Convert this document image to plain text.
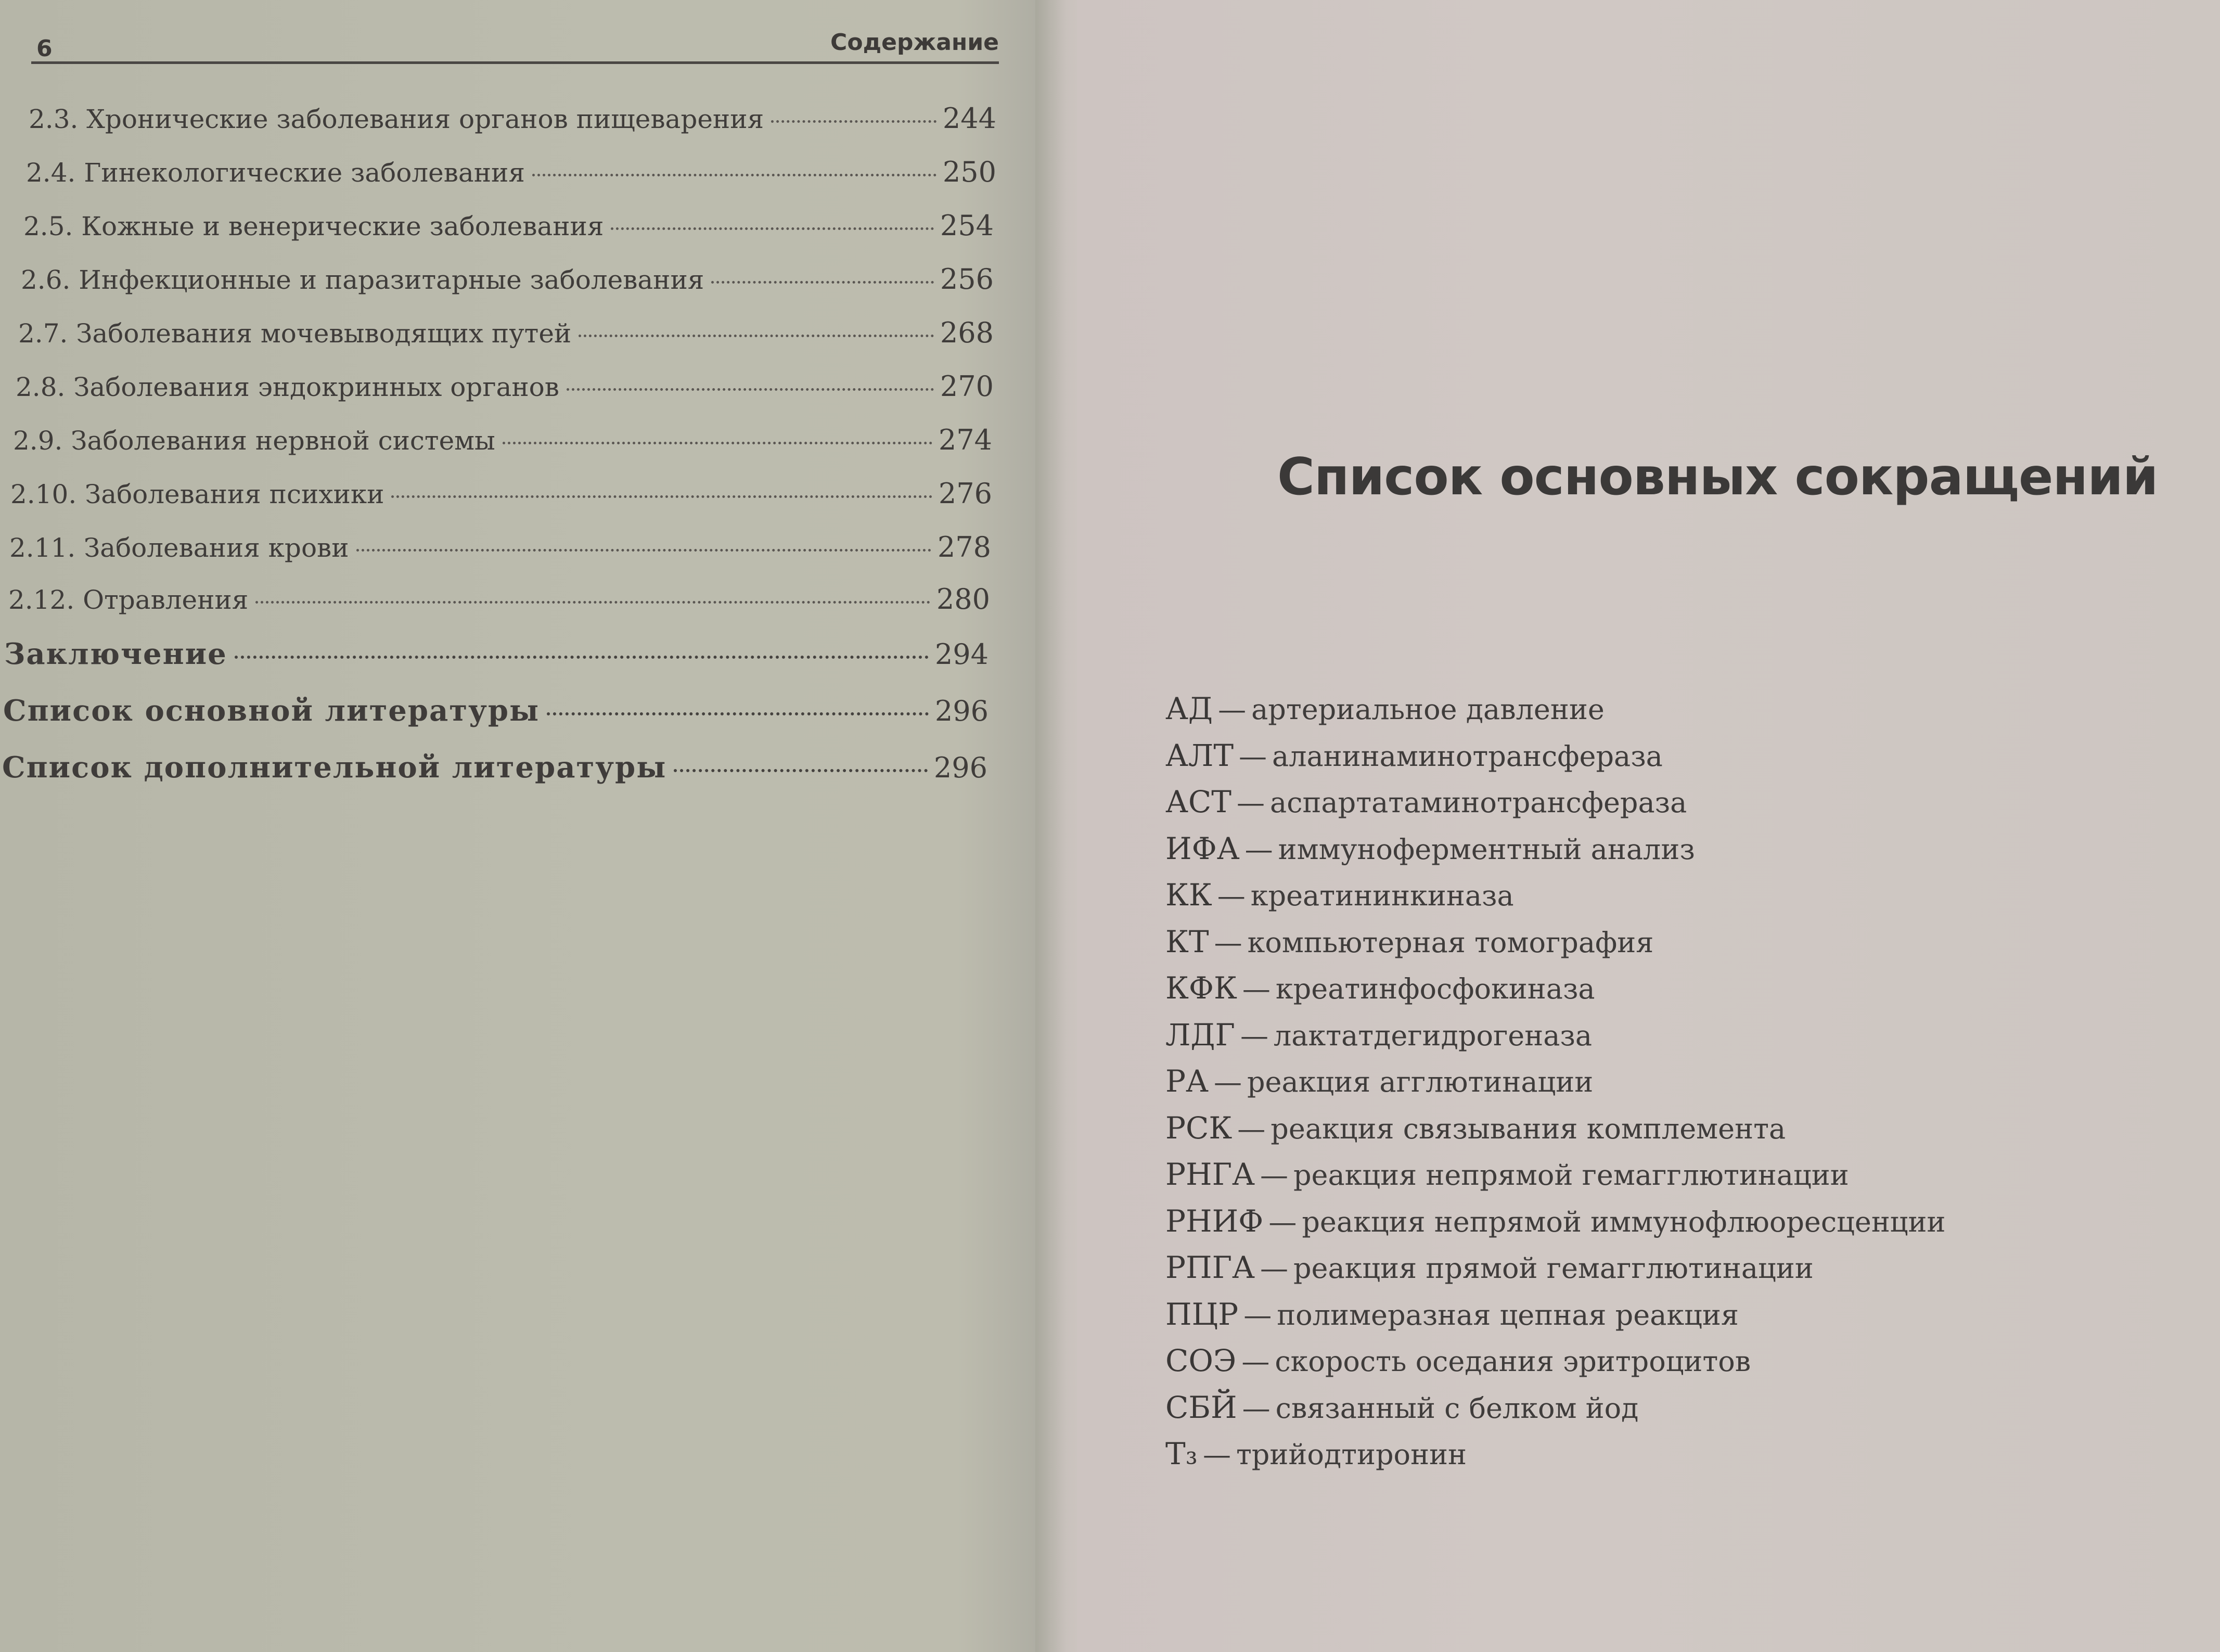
6	Содержание
2.3. Хронические заболевания органов пищеварения	244
2.4. Гинекологические заболевания	250
2.5. Кожные и венерические заболевания	254
2.6. Инфекционные и паразитарные заболевания	256
2.7. Заболевания мочевыводящих путей	268
2.8. Заболевания эндокринных органов	270
2.9. Заболевания нервной системы	274
2.10. Заболевания психики	276
2.11. Заболевания крови	278
2.12. Отравления	280
Заключение	294
Список основной литературы	296
Список дополнительной литературы	296
Список основных сокращений
АД — артериальное давление
АЛТ — аланинаминотрансфераза
АСТ — аспартатаминотрансфераза
ИФА — иммуноферментный анализ
КК — креатининкиназа
КТ — компьютерная томография
КФК — креатинфосфокиназа
ЛДГ — лактатдегидрогеназа
РА — реакция агглютинации
РСК — реакция связывания комплемента
РНГА — реакция непрямой гемагглютинации
РНИФ — реакция непрямой иммунофлюоресценции
РПГА — реакция прямой гемагглютинации
ПЦР — полимеразная цепная реакция
СОЭ — скорость оседания эритроцитов
СБЙ — связанный с белком йод
Т₃ — трийодтиронин
